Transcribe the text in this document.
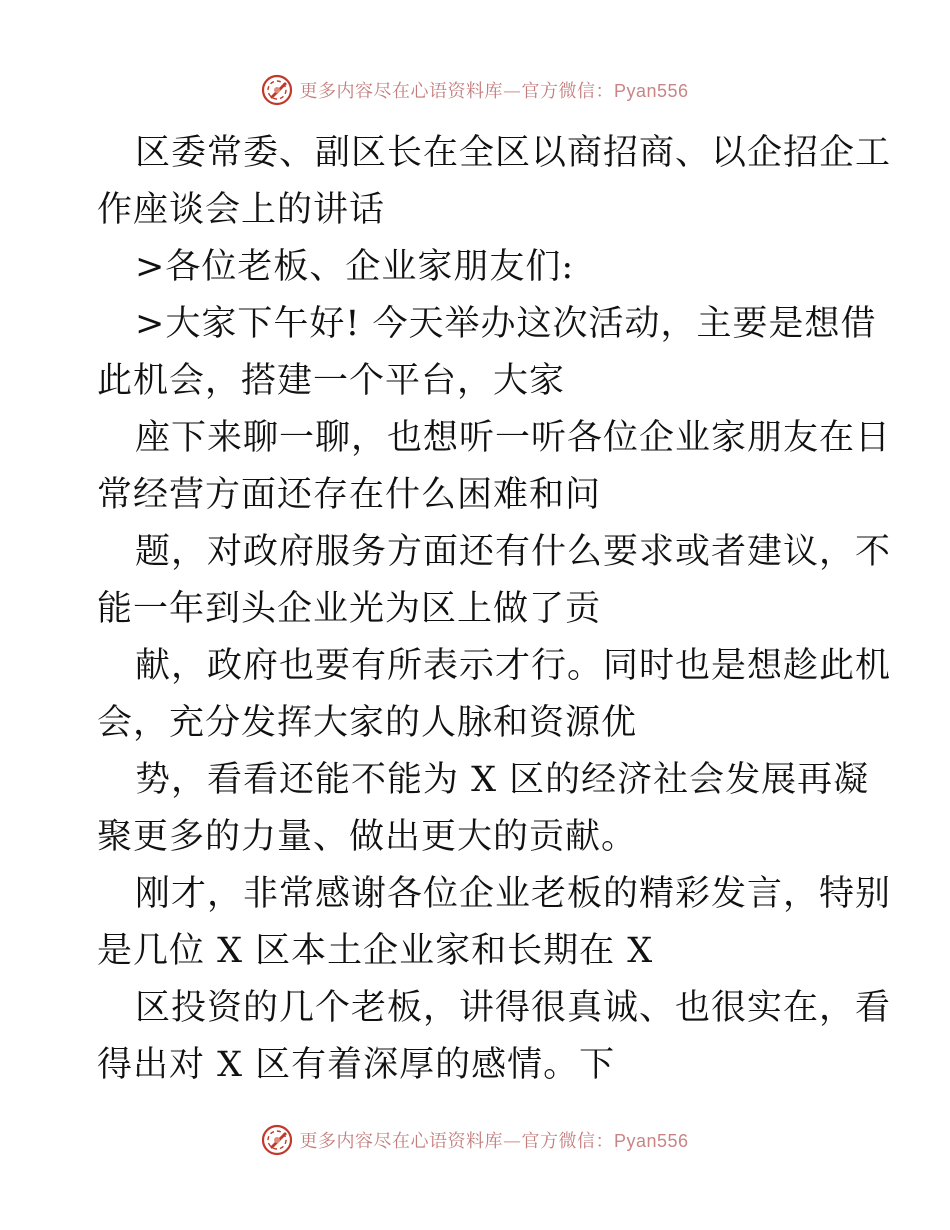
更多内容尽在心语资料库—官方微信：Pyan556
区委常委、副区长在全区以商招商、以企招企工
作座谈会上的讲话
>各位老板、企业家朋友们:
>大家下午好! 今天举办这次活动，主要是想借
此机会，搭建一个平台，大家
座下来聊一聊，也想听一听各位企业家朋友在日
常经营方面还存在什么困难和问
题，对政府服务方面还有什么要求或者建议，不
能一年到头企业光为区上做了贡
献，政府也要有所表示才行。同时也是想趁此机
会，充分发挥大家的人脉和资源优
势，看看还能不能为 X 区的经济社会发展再凝
聚更多的力量、做出更大的贡献。
刚才，非常感谢各位企业老板的精彩发言，特别
是几位 X 区本土企业家和长期在 X
区投资的几个老板，讲得很真诚、也很实在，看
得出对 X 区有着深厚的感情。下
更多内容尽在心语资料库—官方微信：Pyan556
